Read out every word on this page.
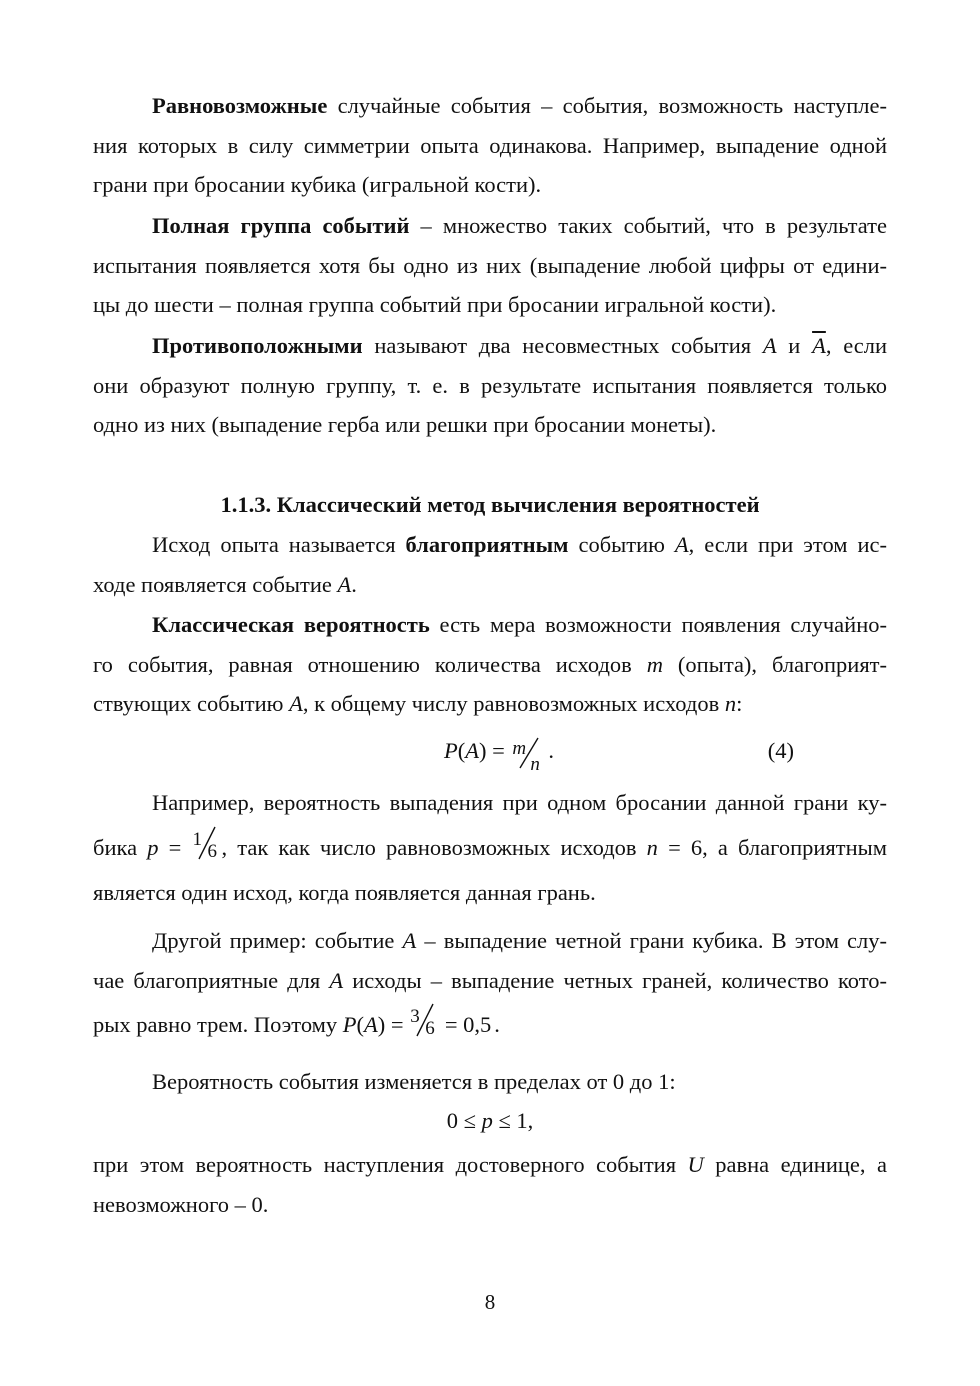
Равновозможные случайные события – события, возможность наступле-
ния которых в силу симметрии опыта одинакова. Например, выпадение одной
грани при бросании кубика (игральной кости).
Полная группа событий – множество таких событий, что в результате
испытания появляется хотя бы одно из них (выпадение любой цифры от едини-
цы до шести – полная группа событий при бросании игральной кости).
Противоположными называют два несовместных события A и $\overline{A}$, если
они образуют полную группу, т. е. в результате испытания появляется только
одно из них (выпадение герба или решки при бросании монеты).
1.1.3. Классический метод вычисления вероятностей
Исход опыта называется благоприятным событию A, если при этом ис-
ходе появляется событие A.
Классическая вероятность есть мера возможности появления случайно-
го события, равная отношению количества исходов m (опыта), благоприят-
ствующих событию A, к общему числу равновозможных исходов n:
P(A) = m
n
.	(4)
Например, вероятность выпадения при одном бросании данной грани ку-
бика p = 1
6 , так как число равновозможных исходов n = 6, а благоприятным
является один исход, когда появляется данная грань.
Другой пример: событие A – выпадение четной грани кубика. В этом слу-
чае благоприятные для A исходы – выпадение четных граней, количество кото-
рых равно трем. Поэтому P(A) = 3
6 = 0,5 .
Вероятность события изменяется в пределах от 0 до 1:
0 ≤ p ≤ 1,
при этом вероятность наступления достоверного события U равна единице, а
невозможного – 0.
8
